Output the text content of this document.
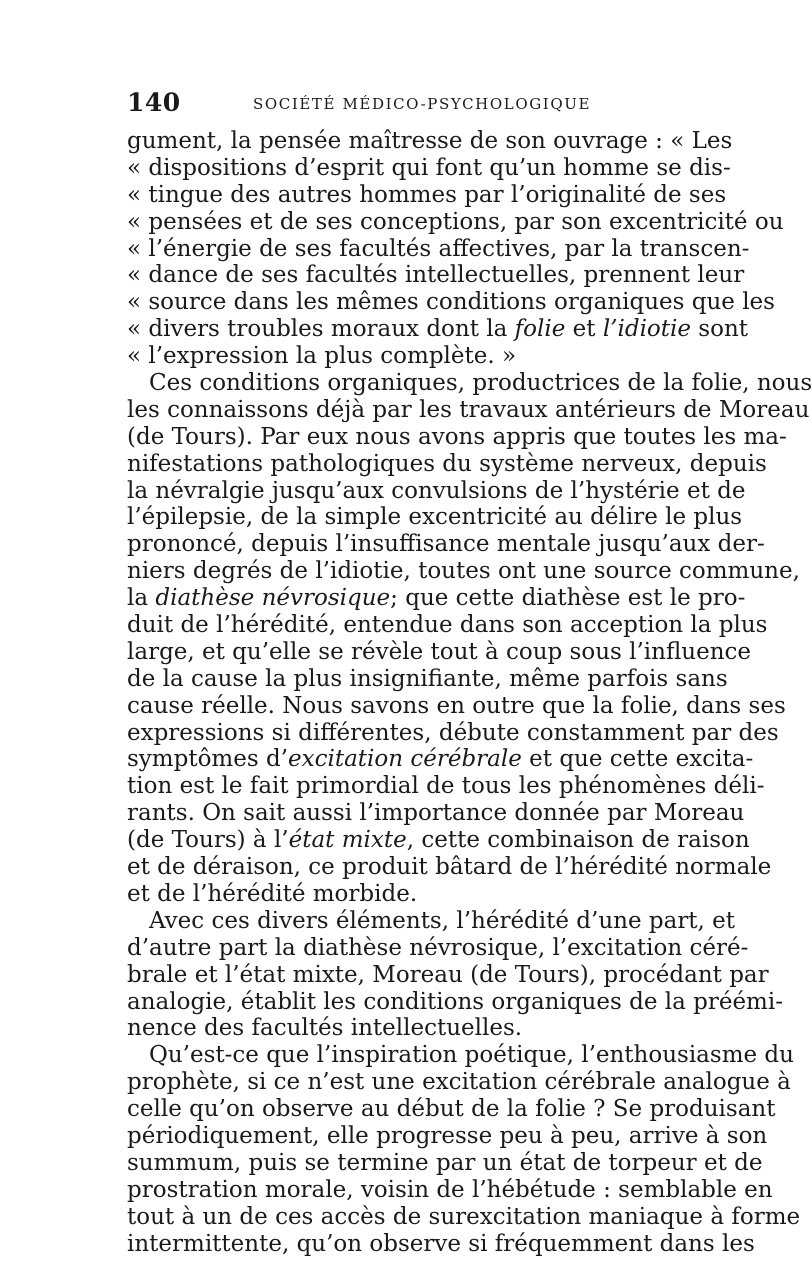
140	SOCIÉTÉ MÉDICO-PSYCHOLOGIQUE
gument, la pensée maîtresse de son ouvrage : « Les
« dispositions d’esprit qui font qu’un homme se dis-
« tingue des autres hommes par l’originalité de ses
« pensées et de ses conceptions, par son excentricité ou
« l’énergie de ses facultés affectives, par la transcen-
« dance de ses facultés intellectuelles, prennent leur
« source dans les mêmes conditions organiques que les
« divers troubles moraux dont la folie et l’idiotie sont
« l’expression la plus complète. »
Ces conditions organiques, productrices de la folie, nous
les connaissons déjà par les travaux antérieurs de Moreau
(de Tours). Par eux nous avons appris que toutes les ma-
nifestations pathologiques du système nerveux, depuis
la névralgie jusqu’aux convulsions de l’hystérie et de
l’épilepsie, de la simple excentricité au délire le plus
prononcé, depuis l’insuffisance mentale jusqu’aux der-
niers degrés de l’idiotie, toutes ont une source commune,
la diathèse névrosique; que cette diathèse est le pro-
duit de l’hérédité, entendue dans son acception la plus
large, et qu’elle se révèle tout à coup sous l’influence
de la cause la plus insignifiante, même parfois sans
cause réelle. Nous savons en outre que la folie, dans ses
expressions si différentes, débute constamment par des
symptômes d’excitation cérébrale et que cette excita-
tion est le fait primordial de tous les phénomènes déli-
rants. On sait aussi l’importance donnée par Moreau
(de Tours) à l’état mixte, cette combinaison de raison
et de déraison, ce produit bâtard de l’hérédité normale
et de l’hérédité morbide.
Avec ces divers éléments, l’hérédité d’une part, et
d’autre part la diathèse névrosique, l’excitation céré-
brale et l’état mixte, Moreau (de Tours), procédant par
analogie, établit les conditions organiques de la préémi-
nence des facultés intellectuelles.
Qu’est-ce que l’inspiration poétique, l’enthousiasme du
prophète, si ce n’est une excitation cérébrale analogue à
celle qu’on observe au début de la folie ? Se produisant
périodiquement, elle progresse peu à peu, arrive à son
summum, puis se termine par un état de torpeur et de
prostration morale, voisin de l’hébétude : semblable en
tout à un de ces accès de surexcitation maniaque à forme
intermittente, qu’on observe si fréquemment dans les
